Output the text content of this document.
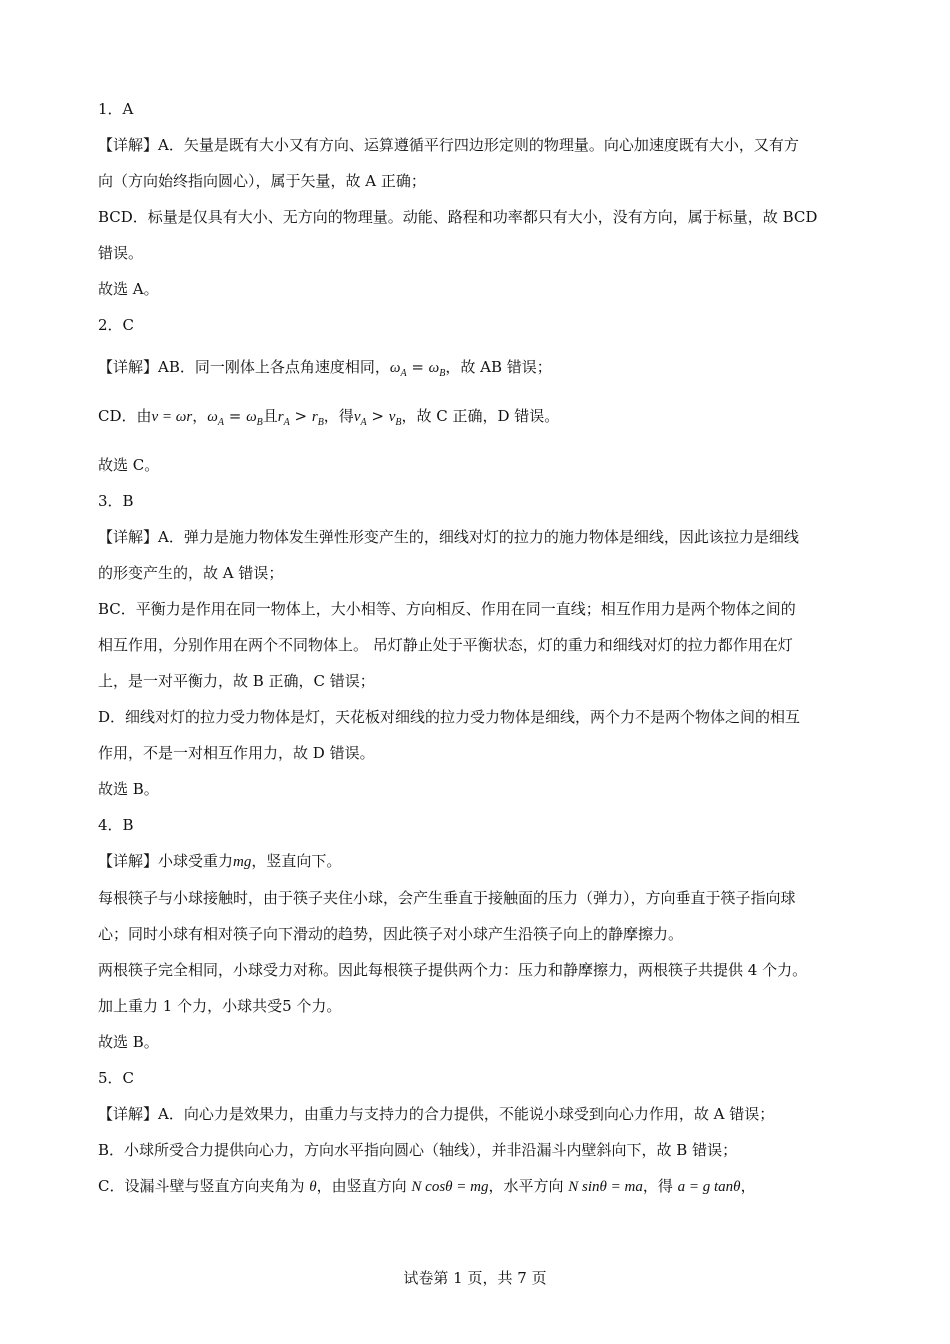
1．A

【详解】A．矢量是既有大小又有方向、运算遵循平行四边形定则的物理量。向心加速度既有大小，又有方

向（方向始终指向圆心），属于矢量，故 A 正确；

BCD．标量是仅具有大小、无方向的物理量。动能、路程和功率都只有大小，没有方向，属于标量，故 BCD

错误。

故选 A。

2．C

【详解】AB．同一刚体上各点角速度相同，$\omega_A = \omega_B$，故 AB 错误；

CD．由v = ωr，$\omega_A = \omega_B$且$r_A > r_B$，得$v_A > v_B$，故 C 正确，D 错误。

故选 C。

3．B

【详解】A．弹力是施力物体发生弹性形变产生的，细线对灯的拉力的施力物体是细线，因此该拉力是细线

的形变产生的，故 A 错误；

BC．平衡力是作用在同一物体上，大小相等、方向相反、作用在同一直线；相互作用力是两个物体之间的

相互作用，分别作用在两个不同物体上。 吊灯静止处于平衡状态，灯的重力和细线对灯的拉力都作用在灯

上，是一对平衡力，故 B 正确，C 错误；

D．细线对灯的拉力受力物体是灯，天花板对细线的拉力受力物体是细线，两个力不是两个物体之间的相互

作用，不是一对相互作用力，故 D 错误。

故选 B。

4．B

【详解】小球受重力mg，竖直向下。

每根筷子与小球接触时，由于筷子夹住小球，会产生垂直于接触面的压力（弹力），方向垂直于筷子指向球

心；同时小球有相对筷子向下滑动的趋势，因此筷子对小球产生沿筷子向上的静摩擦力。

两根筷子完全相同，小球受力对称。因此每根筷子提供两个力：压力和静摩擦力，两根筷子共提供 4 个力。

加上重力 1 个力，小球共受5 个力。

故选 B。

5．C

【详解】A．向心力是效果力，由重力与支持力的合力提供，不能说小球受到向心力作用，故 A 错误；

B．小球所受合力提供向心力，方向水平指向圆心（轴线），并非沿漏斗内壁斜向下，故 B 错误；

C．设漏斗壁与竖直方向夹角为 θ，由竖直方向 N cosθ = mg，水平方向 N sinθ = ma，得 a = g tanθ，

试卷第 1 页，共 7 页
